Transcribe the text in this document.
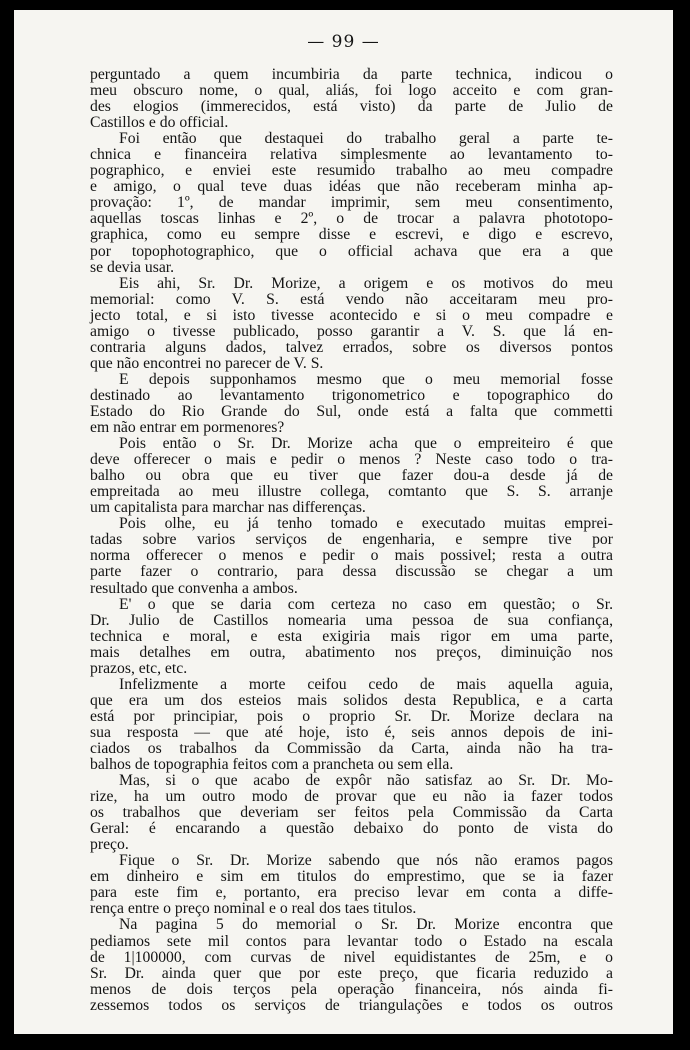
— 99 —
perguntado a quem incumbiria da parte technica, indicou o
meu obscuro nome, o qual, aliás, foi logo acceito e com gran-
des elogios (immerecidos, está visto) da parte de Julio de
Castillos e do official.
Foi então que destaquei do trabalho geral a parte te-
chnica e financeira relativa simplesmente ao levantamento to-
pographico, e enviei este resumido trabalho ao meu compadre
e amigo, o qual teve duas idéas que não receberam minha ap-
provação: 1º, de mandar imprimir, sem meu consentimento,
aquellas toscas linhas e 2º, o de trocar a palavra phototopo-
graphica, como eu sempre disse e escrevi, e digo e escrevo,
por topophotographico, que o official achava que era a que
se devia usar.
Eis ahi, Sr. Dr. Morize, a origem e os motivos do meu
memorial: como V. S. está vendo não acceitaram meu pro-
jecto total, e si isto tivesse acontecido e si o meu compadre e
amigo o tivesse publicado, posso garantir a V. S. que lá en-
contraria alguns dados, talvez errados, sobre os diversos pontos
que não encontrei no parecer de V. S.
E depois supponhamos mesmo que o meu memorial fosse
destinado ao levantamento trigonometrico e topographico do
Estado do Rio Grande do Sul, onde está a falta que commetti
em não entrar em pormenores?
Pois então o Sr. Dr. Morize acha que o empreiteiro é que
deve offerecer o mais e pedir o menos ? Neste caso todo o tra-
balho ou obra que eu tiver que fazer dou-a desde já de
empreitada ao meu illustre collega, comtanto que S. S. arranje
um capitalista para marchar nas differenças.
Pois olhe, eu já tenho tomado e executado muitas emprei-
tadas sobre varios serviços de engenharia, e sempre tive por
norma offerecer o menos e pedir o mais possivel; resta a outra
parte fazer o contrario, para dessa discussão se chegar a um
resultado que convenha a ambos.
E' o que se daria com certeza no caso em questão; o Sr.
Dr. Julio de Castillos nomearia uma pessoa de sua confiança,
technica e moral, e esta exigiria mais rigor em uma parte,
mais detalhes em outra, abatimento nos preços, diminuição nos
prazos, etc, etc.
Infelizmente a morte ceifou cedo de mais aquella aguia,
que era um dos esteios mais solidos desta Republica, e a carta
está por principiar, pois o proprio Sr. Dr. Morize declara na
sua resposta — que até hoje, isto é, seis annos depois de ini-
ciados os trabalhos da Commissão da Carta, ainda não ha tra-
balhos de topographia feitos com a prancheta ou sem ella.
Mas, si o que acabo de expôr não satisfaz ao Sr. Dr. Mo-
rize, ha um outro modo de provar que eu não ia fazer todos
os trabalhos que deveriam ser feitos pela Commissão da Carta
Geral: é encarando a questão debaixo do ponto de vista do
preço.
Fique o Sr. Dr. Morize sabendo que nós não eramos pagos
em dinheiro e sim em titulos do emprestimo, que se ia fazer
para este fim e, portanto, era preciso levar em conta a diffe-
rença entre o preço nominal e o real dos taes titulos.
Na pagina 5 do memorial o Sr. Dr. Morize encontra que
pediamos sete mil contos para levantar todo o Estado na escala
de 1|100000, com curvas de nivel equidistantes de 25m, e o
Sr. Dr. ainda quer que por este preço, que ficaria reduzido a
menos de dois terços pela operação financeira, nós ainda fi-
zessemos todos os serviços de triangulações e todos os outros
